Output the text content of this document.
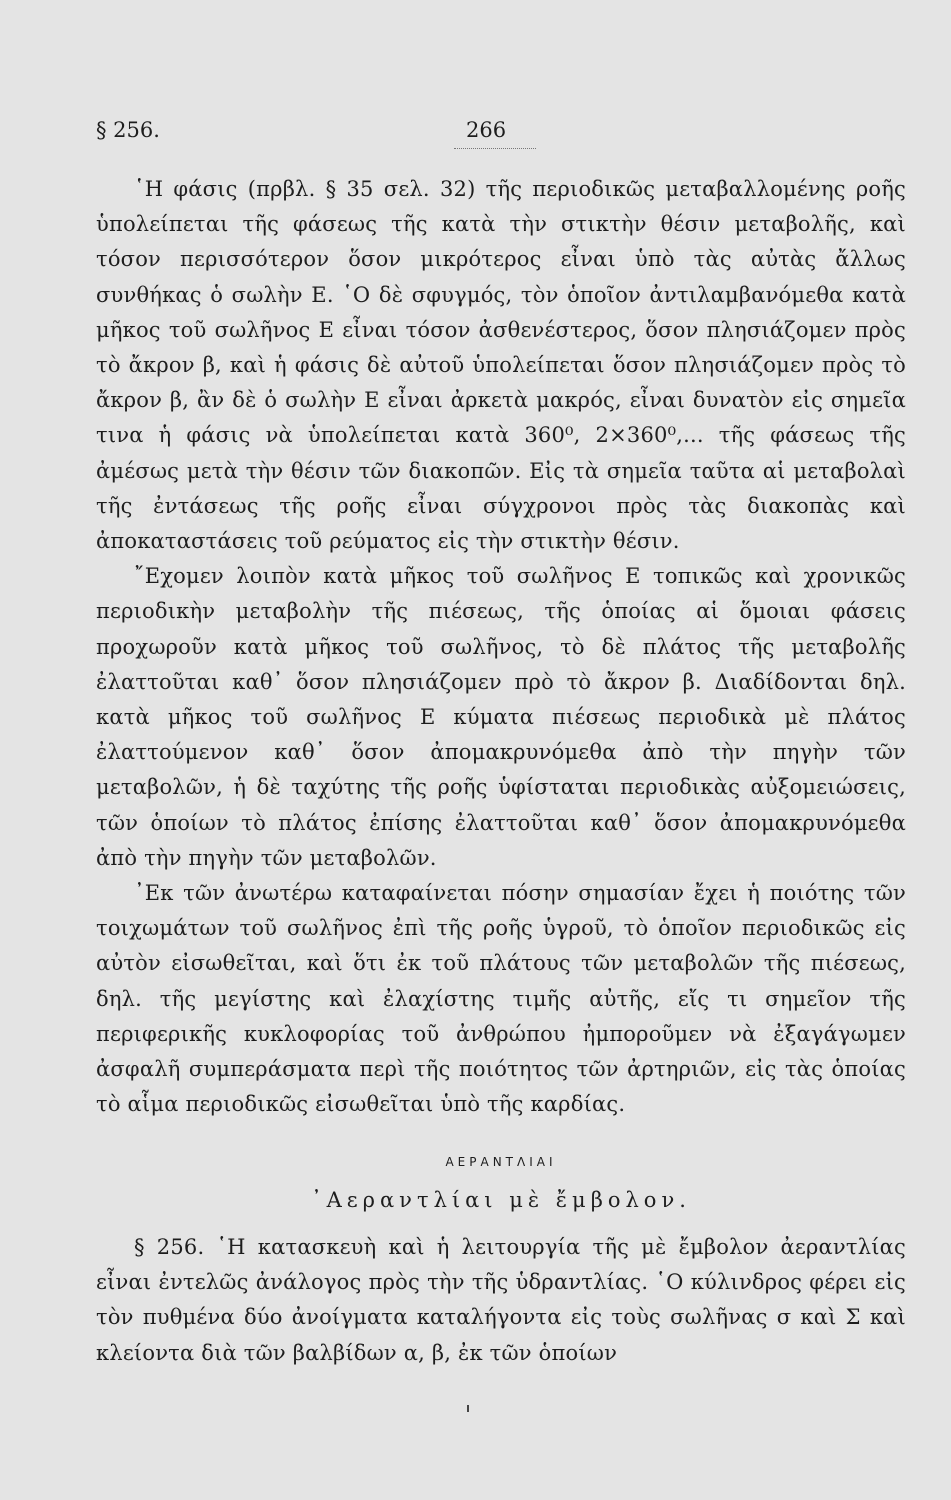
§ 256.	266

῾Η φάσις (πρβλ. § 35 σελ. 32) τῆς περιοδικῶς μεταβαλλομένης ροῆς ὑπολείπεται τῆς φάσεως τῆς κατὰ τὴν στικτὴν θέσιν μεταβολῆς, καὶ τόσον περισσότερον ὅσον μικρότερος εἶναι ὑπὸ τὰς αὐτὰς ἄλλως συνθήκας ὁ σωλὴν Ε. ῾Ο δὲ σφυγμός, τὸν ὁποῖον ἀντιλαμβανόμεθα κατὰ μῆκος τοῦ σωλῆνος Ε εἶναι τόσον ἀσθενέστερος, ὅσον πλησιάζομεν πρὸς τὸ ἄκρον β, καὶ ἡ φάσις δὲ αὐτοῦ ὑπολείπεται ὅσον πλησιάζομεν πρὸς τὸ ἄκρον β, ἂν δὲ ὁ σωλὴν Ε εἶναι ἀρκετὰ μακρός, εἶναι δυνατὸν εἰς σημεῖα τινα ἡ φάσις νὰ ὑπολείπεται κατὰ 360⁰, 2×360⁰,... τῆς φάσεως τῆς ἀμέσως μετὰ τὴν θέσιν τῶν διακοπῶν. Εἰς τὰ σημεῖα ταῦτα αἱ μεταβολαὶ τῆς ἐντάσεως τῆς ροῆς εἶναι σύγχρονοι πρὸς τὰς διακοπὰς καὶ ἀποκαταστάσεις τοῦ ρεύματος εἰς τὴν στικτὴν θέσιν.

῎Εχομεν λοιπὸν κατὰ μῆκος τοῦ σωλῆνος Ε τοπικῶς καὶ χρονικῶς περιοδικὴν μεταβολὴν τῆς πιέσεως, τῆς ὁποίας αἱ ὅμοιαι φάσεις προχωροῦν κατὰ μῆκος τοῦ σωλῆνος, τὸ δὲ πλάτος τῆς μεταβολῆς ἐλαττοῦται καθ᾽ ὅσον πλησιάζομεν πρὸ τὸ ἄκρον β. Διαδίδονται δηλ. κατὰ μῆκος τοῦ σωλῆνος Ε κύματα πιέσεως περιοδικὰ μὲ πλάτος ἐλαττούμενον καθ᾽ ὅσον ἀπομακρυνόμεθα ἀπὸ τὴν πηγὴν τῶν μεταβολῶν, ἡ δὲ ταχύτης τῆς ροῆς ὑφίσταται περιοδικὰς αὐξομειώσεις, τῶν ὁποίων τὸ πλάτος ἐπίσης ἐλαττοῦται καθ᾽ ὅσον ἀπομακρυνόμεθα ἀπὸ τὴν πηγὴν τῶν μεταβολῶν.

᾽Εκ τῶν ἀνωτέρω καταφαίνεται πόσην σημασίαν ἔχει ἡ ποιότης τῶν τοιχωμάτων τοῦ σωλῆνος ἐπὶ τῆς ροῆς ὑγροῦ, τὸ ὁποῖον περιοδικῶς εἰς αὐτὸν εἰσωθεῖται, καὶ ὅτι ἐκ τοῦ πλάτους τῶν μεταβολῶν τῆς πιέσεως, δηλ. τῆς μεγίστης καὶ ἐλαχίστης τιμῆς αὐτῆς, εἴς τι σημεῖον τῆς περιφερικῆς κυκλοφορίας τοῦ ἀνθρώπου ἠμποροῦμεν νὰ ἐξαγάγωμεν ἀσφαλῆ συμπεράσματα περὶ τῆς ποιότητος τῶν ἀρτηριῶν, εἰς τὰς ὁποίας τὸ αἷμα περιοδικῶς εἰσωθεῖται ὑπὸ τῆς καρδίας.

ΑΕΡΑΝΤΛΙΑΙ
᾽Αεραντλίαι μὲ ἔμβολον.

§ 256. ῾Η κατασκευὴ καὶ ἡ λειτουργία τῆς μὲ ἔμβολον ἀεραντλίας εἶναι ἐντελῶς ἀνάλογος πρὸς τὴν τῆς ὑδραντλίας. ῾Ο κύλινδρος φέρει εἰς τὸν πυθμένα δύο ἀνοίγματα καταλήγοντα εἰς τοὺς σωλῆνας σ καὶ Σ καὶ κλείοντα διὰ τῶν βαλβίδων α, β, ἐκ τῶν ὁποίων
